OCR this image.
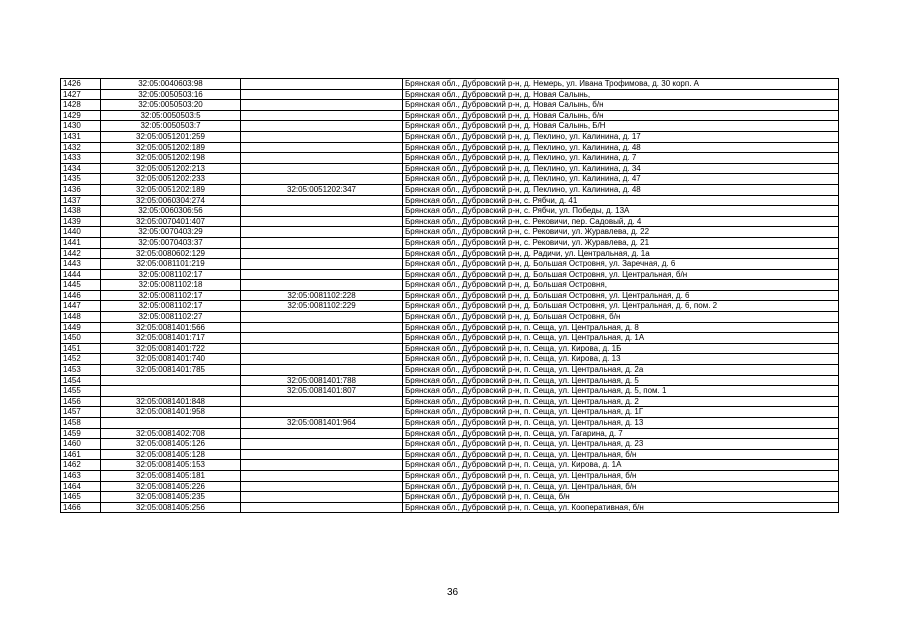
1426	32:05:0040603:98		Брянская обл., Дубровский р-н, д. Немерь, ул. Ивана Трофимова, д. 30 корп. А
1427	32:05:0050503:16		Брянская обл., Дубровский р-н, д. Новая Салынь,
1428	32:05:0050503:20		Брянская обл., Дубровский р-н, д. Новая Салынь, б/н
1429	32:05:0050503:5		Брянская обл., Дубровский р-н, д. Новая Салынь, б/н
1430	32:05:0050503:7		Брянская обл., Дубровский р-н, д. Новая Салынь, Б/Н
1431	32:05:0051201:259		Брянская обл., Дубровский р-н, д. Пеклино, ул. Калинина, д. 17
1432	32:05:0051202:189		Брянская обл., Дубровский р-н, д. Пеклино, ул. Калинина, д. 48
1433	32:05:0051202:198		Брянская обл., Дубровский р-н, д. Пеклино, ул. Калинина, д. 7
1434	32:05:0051202:213		Брянская обл., Дубровский р-н, д. Пеклино, ул. Калинина, д. 34
1435	32:05:0051202:233		Брянская обл., Дубровский р-н, д. Пеклино, ул. Калинина, д. 47
1436	32:05:0051202:189	32:05:0051202:347	Брянская обл., Дубровский р-н, д. Пеклино, ул. Калинина, д. 48
1437	32:05:0060304:274		Брянская обл., Дубровский р-н, с. Рябчи, д. 41
1438	32:05:0060306:56		Брянская обл., Дубровский р-н, с. Рябчи, ул. Победы, д. 13А
1439	32:05:0070401:407		Брянская обл., Дубровский р-н, с. Рековичи, пер. Садовый, д. 4
1440	32:05:0070403:29		Брянская обл., Дубровский р-н, с. Рековичи, ул. Журавлева, д. 22
1441	32:05:0070403:37		Брянская обл., Дубровский р-н, с. Рековичи, ул. Журавлева, д. 21
1442	32:05:0080602:129		Брянская обл., Дубровский р-н, д. Радичи, ул. Центральная, д. 1а
1443	32:05:0081101:219		Брянская обл., Дубровский р-н, д. Большая Островня, ул. Заречная, д. 6
1444	32:05:0081102:17		Брянская обл., Дубровский р-н, д. Большая Островня, ул. Центральная, б/н
1445	32:05:0081102:18		Брянская обл., Дубровский р-н, д. Большая Островня,
1446	32:05:0081102:17	32:05:0081102:228	Брянская обл., Дубровский р-н, д. Большая Островня, ул. Центральная, д. 6
1447	32:05:0081102:17	32:05:0081102:229	Брянская обл., Дубровский р-н, д. Большая Островня, ул. Центральная, д. 6, пом. 2
1448	32:05:0081102:27		Брянская обл., Дубровский р-н, д. Большая Островня, б/н
1449	32:05:0081401:566		Брянская обл., Дубровский р-н, п. Сеща, ул. Центральная, д. 8
1450	32:05:0081401:717		Брянская обл., Дубровский р-н, п. Сеща, ул. Центральная, д. 1А
1451	32:05:0081401:722		Брянская обл., Дубровский р-н, п. Сеща, ул. Кирова, д. 1Б
1452	32:05:0081401:740		Брянская обл., Дубровский р-н, п. Сеща, ул. Кирова, д. 13
1453	32:05:0081401:785		Брянская обл., Дубровский р-н, п. Сеща, ул. Центральная, д. 2а
1454		32:05:0081401:788	Брянская обл., Дубровский р-н, п. Сеща, ул. Центральная, д. 5
1455		32:05:0081401:807	Брянская обл., Дубровский р-н, п. Сеща, ул. Центральная, д. 5, пом. 1
1456	32:05:0081401:848		Брянская обл., Дубровский р-н, п. Сеща, ул. Центральная, д. 2
1457	32:05:0081401:958		Брянская обл., Дубровский р-н, п. Сеща, ул. Центральная, д. 1Г
1458		32:05:0081401:964	Брянская обл., Дубровский р-н, п. Сеща, ул. Центральная, д. 13
1459	32:05:0081402:708		Брянская обл., Дубровский р-н, п. Сеща, ул. Гагарина, д. 7
1460	32:05:0081405:126		Брянская обл., Дубровский р-н, п. Сеща, ул. Центральная, д. 23
1461	32:05:0081405:128		Брянская обл., Дубровский р-н, п. Сеща, ул. Центральная, б/н
1462	32:05:0081405:153		Брянская обл., Дубровский р-н, п. Сеща, ул. Кирова, д. 1А
1463	32:05:0081405:181		Брянская обл., Дубровский р-н, п. Сеща, ул. Центральная, б/н
1464	32:05:0081405:226		Брянская обл., Дубровский р-н, п. Сеща, ул. Центральная, б/н
1465	32:05:0081405:235		Брянская обл., Дубровский р-н, п. Сеща, б/н
1466	32:05:0081405:256		Брянская обл., Дубровский р-н, п. Сеща, ул. Кооперативная, б/н
36
